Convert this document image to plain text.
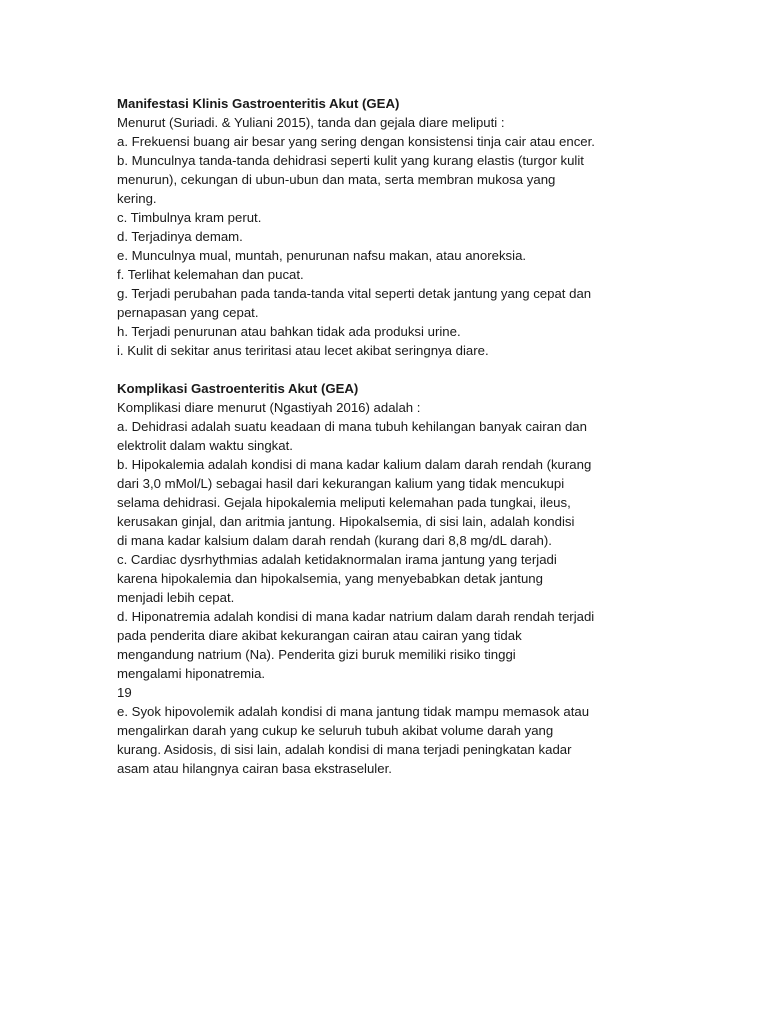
Manifestasi Klinis Gastroenteritis Akut (GEA)
Menurut (Suriadi. & Yuliani 2015), tanda dan gejala diare meliputi :
a. Frekuensi buang air besar yang sering dengan konsistensi tinja cair atau encer.
b. Munculnya tanda-tanda dehidrasi seperti kulit yang kurang elastis (turgor kulit
menurun), cekungan di ubun-ubun dan mata, serta membran mukosa yang
kering.
c. Timbulnya kram perut.
d. Terjadinya demam.
e. Munculnya mual, muntah, penurunan nafsu makan, atau anoreksia.
f. Terlihat kelemahan dan pucat.
g. Terjadi perubahan pada tanda-tanda vital seperti detak jantung yang cepat dan
pernapasan yang cepat.
h. Terjadi penurunan atau bahkan tidak ada produksi urine.
i. Kulit di sekitar anus teriritasi atau lecet akibat seringnya diare.
Komplikasi Gastroenteritis Akut (GEA)
Komplikasi diare menurut (Ngastiyah 2016) adalah :
a. Dehidrasi adalah suatu keadaan di mana tubuh kehilangan banyak cairan dan
elektrolit dalam waktu singkat.
b. Hipokalemia adalah kondisi di mana kadar kalium dalam darah rendah (kurang
dari 3,0 mMol/L) sebagai hasil dari kekurangan kalium yang tidak mencukupi
selama dehidrasi. Gejala hipokalemia meliputi kelemahan pada tungkai, ileus,
kerusakan ginjal, dan aritmia jantung. Hipokalsemia, di sisi lain, adalah kondisi
di mana kadar kalsium dalam darah rendah (kurang dari 8,8 mg/dL darah).
c. Cardiac dysrhythmias adalah ketidaknormalan irama jantung yang terjadi
karena hipokalemia dan hipokalsemia, yang menyebabkan detak jantung
menjadi lebih cepat.
d. Hiponatremia adalah kondisi di mana kadar natrium dalam darah rendah terjadi
pada penderita diare akibat kekurangan cairan atau cairan yang tidak
mengandung natrium (Na). Penderita gizi buruk memiliki risiko tinggi
mengalami hiponatremia.
19
e. Syok hipovolemik adalah kondisi di mana jantung tidak mampu memasok atau
mengalirkan darah yang cukup ke seluruh tubuh akibat volume darah yang
kurang. Asidosis, di sisi lain, adalah kondisi di mana terjadi peningkatan kadar
asam atau hilangnya cairan basa ekstraseluler.
